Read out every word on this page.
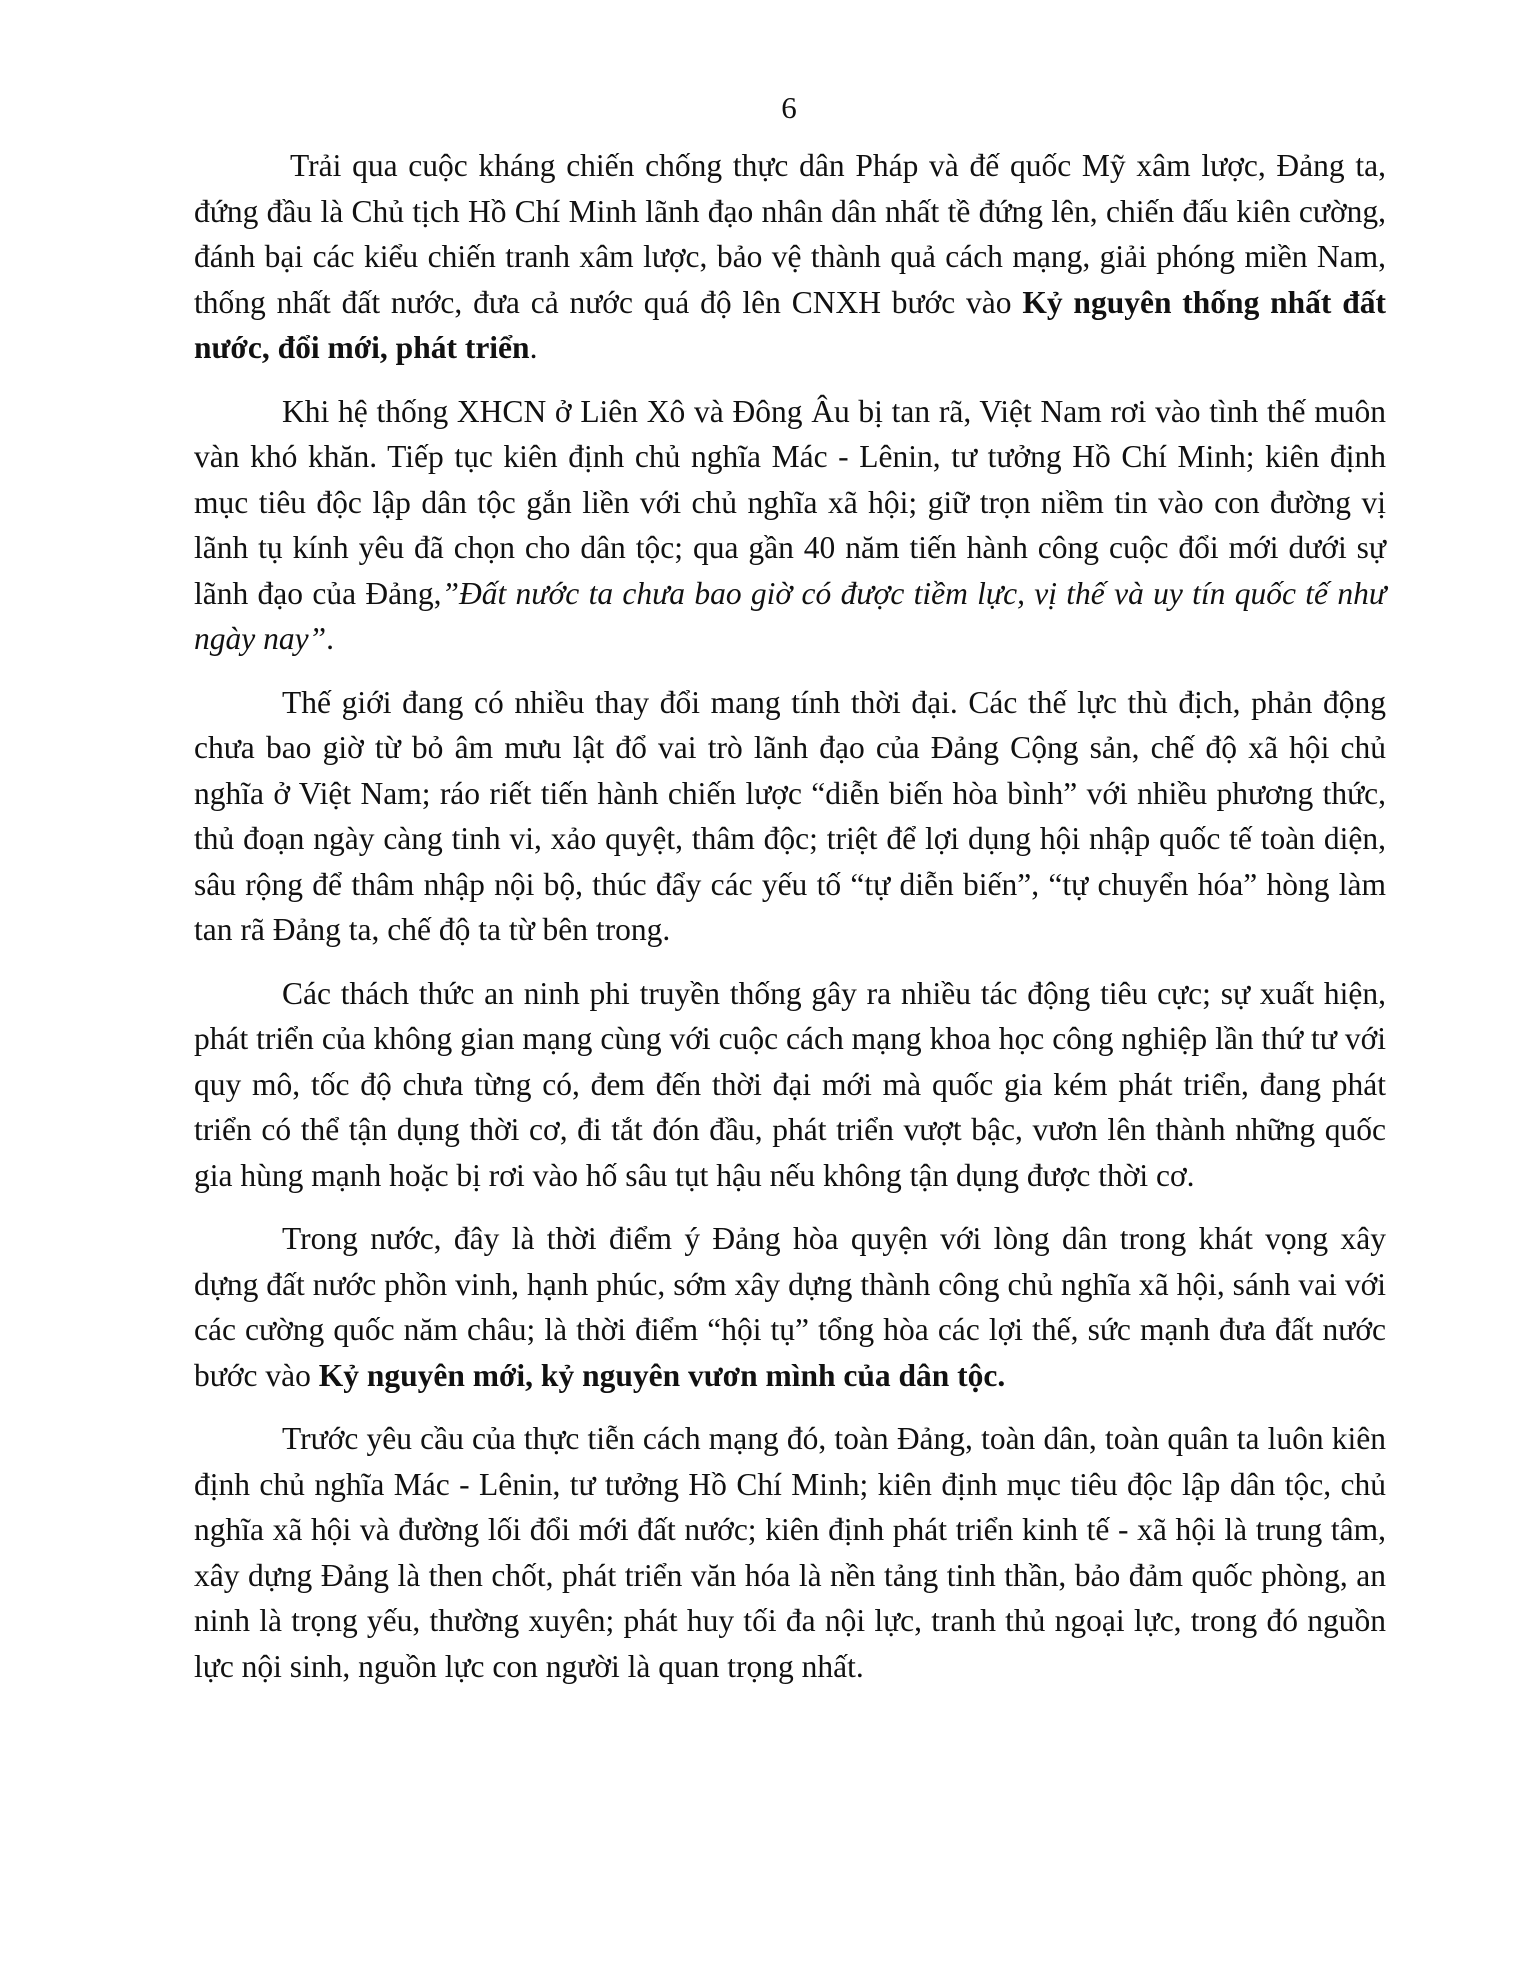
6

Trải qua cuộc kháng chiến chống thực dân Pháp và đế quốc Mỹ xâm lược, Đảng ta, đứng đầu là Chủ tịch Hồ Chí Minh lãnh đạo nhân dân nhất tề đứng lên, chiến đấu kiên cường, đánh bại các kiểu chiến tranh xâm lược, bảo vệ thành quả cách mạng, giải phóng miền Nam, thống nhất đất nước, đưa cả nước quá độ lên CNXH bước vào Kỷ nguyên thống nhất đất nước, đổi mới, phát triển.

Khi hệ thống XHCN ở Liên Xô và Đông Âu bị tan rã, Việt Nam rơi vào tình thế muôn vàn khó khăn. Tiếp tục kiên định chủ nghĩa Mác - Lênin, tư tưởng Hồ Chí Minh; kiên định mục tiêu độc lập dân tộc gắn liền với chủ nghĩa xã hội; giữ trọn niềm tin vào con đường vị lãnh tụ kính yêu đã chọn cho dân tộc; qua gần 40 năm tiến hành công cuộc đổi mới dưới sự lãnh đạo của Đảng,”Đất nước ta chưa bao giờ có được tiềm lực, vị thế và uy tín quốc tế như ngày nay”.

Thế giới đang có nhiều thay đổi mang tính thời đại. Các thế lực thù địch, phản động chưa bao giờ từ bỏ âm mưu lật đổ vai trò lãnh đạo của Đảng Cộng sản, chế độ xã hội chủ nghĩa ở Việt Nam; ráo riết tiến hành chiến lược “diễn biến hòa bình” với nhiều phương thức, thủ đoạn ngày càng tinh vi, xảo quyệt, thâm độc; triệt để lợi dụng hội nhập quốc tế toàn diện, sâu rộng để thâm nhập nội bộ, thúc đẩy các yếu tố “tự diễn biến”, “tự chuyển hóa” hòng làm tan rã Đảng ta, chế độ ta từ bên trong.

Các thách thức an ninh phi truyền thống gây ra nhiều tác động tiêu cực; sự xuất hiện, phát triển của không gian mạng cùng với cuộc cách mạng khoa học công nghiệp lần thứ tư với quy mô, tốc độ chưa từng có, đem đến thời đại mới mà quốc gia kém phát triển, đang phát triển có thể tận dụng thời cơ, đi tắt đón đầu, phát triển vượt bậc, vươn lên thành những quốc gia hùng mạnh hoặc bị rơi vào hố sâu tụt hậu nếu không tận dụng được thời cơ.

Trong nước, đây là thời điểm ý Đảng hòa quyện với lòng dân trong khát vọng xây dựng đất nước phồn vinh, hạnh phúc, sớm xây dựng thành công chủ nghĩa xã hội, sánh vai với các cường quốc năm châu; là thời điểm “hội tụ” tổng hòa các lợi thế, sức mạnh đưa đất nước bước vào Kỷ nguyên mới, kỷ nguyên vươn mình của dân tộc.

Trước yêu cầu của thực tiễn cách mạng đó, toàn Đảng, toàn dân, toàn quân ta luôn kiên định chủ nghĩa Mác - Lênin, tư tưởng Hồ Chí Minh; kiên định mục tiêu độc lập dân tộc, chủ nghĩa xã hội và đường lối đổi mới đất nước; kiên định phát triển kinh tế - xã hội là trung tâm, xây dựng Đảng là then chốt, phát triển văn hóa là nền tảng tinh thần, bảo đảm quốc phòng, an ninh là trọng yếu, thường xuyên; phát huy tối đa nội lực, tranh thủ ngoại lực, trong đó nguồn lực nội sinh, nguồn lực con người là quan trọng nhất.
